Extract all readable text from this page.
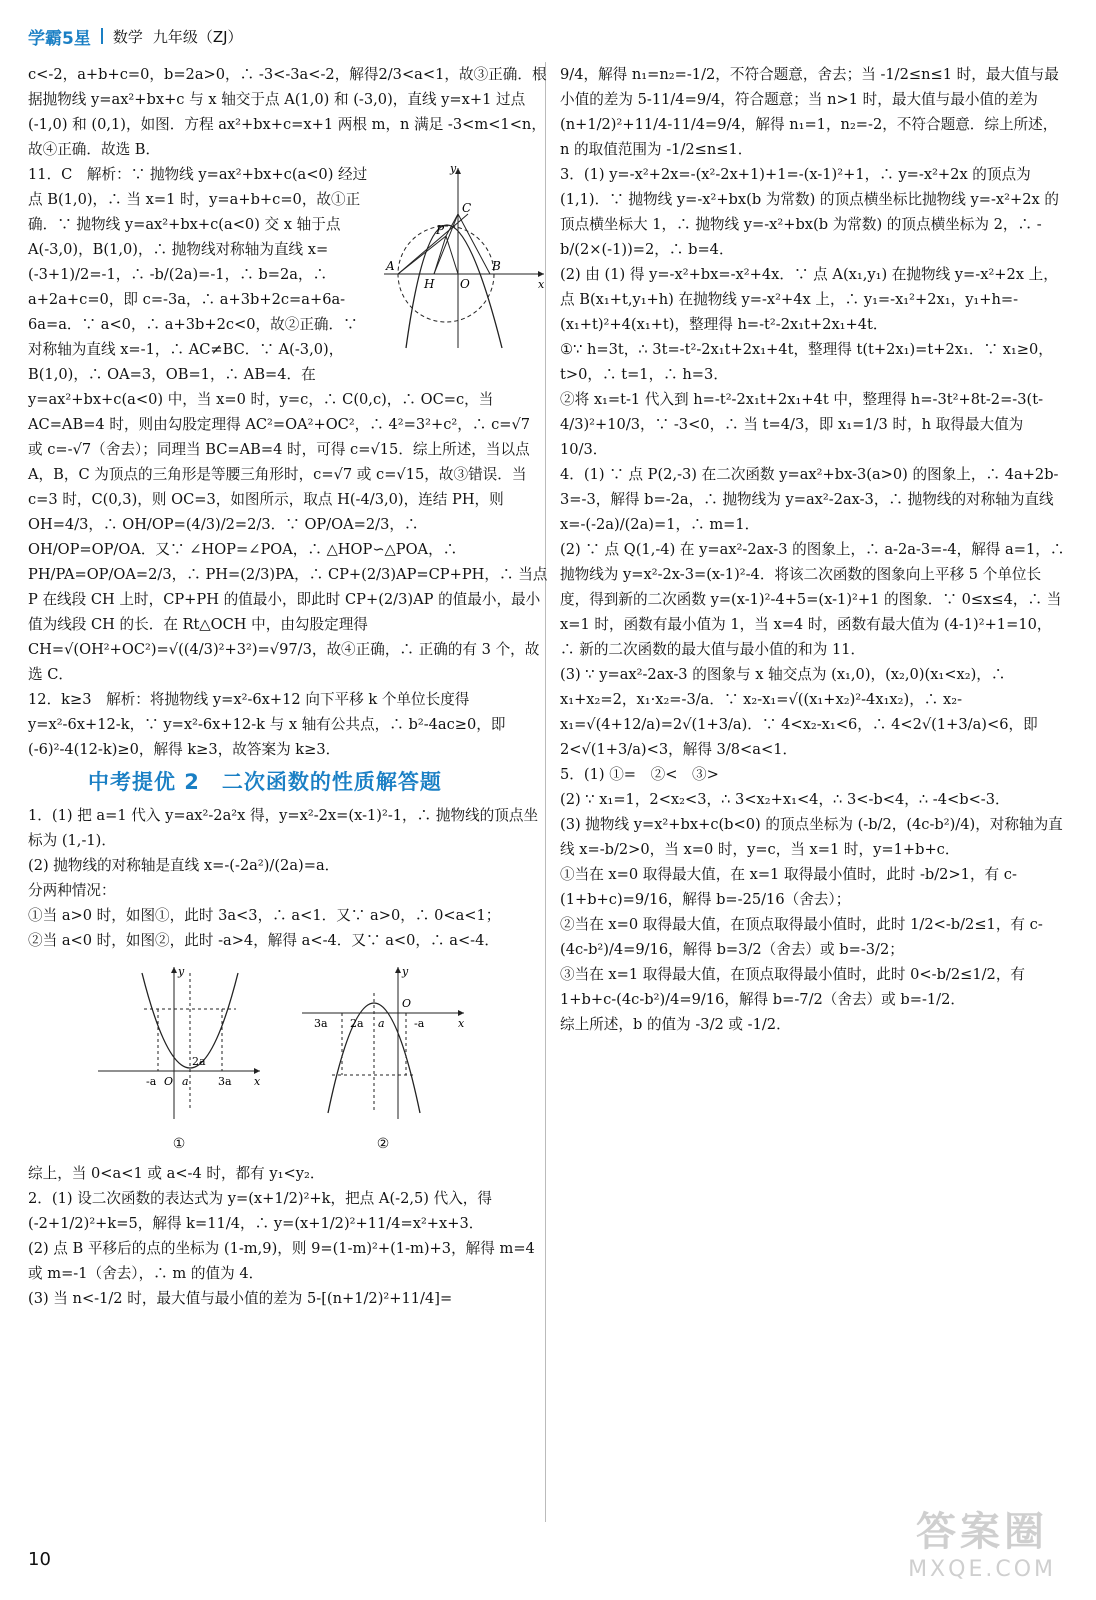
学霸5星 数学 九年级（ZJ）

c<-2，a+b+c=0，b=2a>0，∴ -3<-3a<-2，解得2/3<a<1，故③正确．根据抛物线 y=ax²+bx+c 与 x 轴交于点 A(1,0) 和 (-3,0)，直线 y=x+1 过点 (-1,0) 和 (0,1)，如图．方程 ax²+bx+c=x+1 两根 m，n 满足 -3<m<1<n，故④正确．故选 B．

y
x
A	B
C
P
H O

11．C　解析：∵ 抛物线 y=ax²+bx+c(a<0) 经过点 B(1,0)，∴ 当 x=1 时，y=a+b+c=0，故①正确．∵ 抛物线 y=ax²+bx+c(a<0) 交 x 轴于点 A(-3,0)，B(1,0)，∴ 抛物线对称轴为直线 x=(-3+1)/2=-1，∴ -b/(2a)=-1，∴ b=2a，∴ a+2a+c=0，即 c=-3a，∴ a+3b+2c=a+6a-6a=a．∵ a<0，∴ a+3b+2c<0，故②正确．∵ 对称轴为直线 x=-1，∴ AC≠BC．∵ A(-3,0)，B(1,0)，∴ OA=3，OB=1，∴ AB=4．在 y=ax²+bx+c(a<0) 中，当 x=0 时，y=c，∴ C(0,c)，∴ OC=c，当 AC=AB=4 时，则由勾股定理得 AC²=OA²+OC²，∴ 4²=3²+c²，∴ c=√7 或 c=-√7（舍去）；同理当 BC=AB=4 时，可得 c=√15．综上所述，当以点 A，B，C 为顶点的三角形是等腰三角形时，c=√7 或 c=√15，故③错误．当 c=3 时，C(0,3)，则 OC=3，如图所示，取点 H(-4/3,0)，连结 PH，则 OH=4/3，∴ OH/OP=(4/3)/2=2/3．∵ OP/OA=2/3，∴ OH/OP=OP/OA．又∵ ∠HOP=∠POA，∴ △HOP∽△POA，∴ PH/PA=OP/OA=2/3，∴ PH=(2/3)PA，∴ CP+(2/3)AP=CP+PH，∴ 当点 P 在线段 CH 上时，CP+PH 的值最小，即此时 CP+(2/3)AP 的值最小，最小值为线段 CH 的长．在 Rt△OCH 中，由勾股定理得 CH=√(OH²+OC²)=√((4/3)²+3²)=√97/3，故④正确，∴ 正确的有 3 个，故选 C．

12．k≥3　解析：将抛物线 y=x²-6x+12 向下平移 k 个单位长度得 y=x²-6x+12-k，∵ y=x²-6x+12-k 与 x 轴有公共点，∴ b²-4ac≥0，即 (-6)²-4(12-k)≥0，解得 k≥3，故答案为 k≥3．

中考提优 2　二次函数的性质解答题

1．(1) 把 a=1 代入 y=ax²-2a²x 得，y=x²-2x=(x-1)²-1，∴ 抛物线的顶点坐标为 (1,-1)．

(2) 抛物线的对称轴是直线 x=-(-2a²)/(2a)=a．

分两种情况：

①当 a>0 时，如图①，此时 3a<3，∴ a<1．又∵ a>0，∴ 0<a<1；

②当 a<0 时，如图②，此时 -a>4，解得 a<-4．又∵ a<0，∴ a<-4．

y
x
-a O a
2a
3a
①
y
x
3a 2a a
O
-a
②

综上，当 0<a<1 或 a<-4 时，都有 y₁<y₂．

2．(1) 设二次函数的表达式为 y=(x+1/2)²+k，把点 A(-2,5) 代入，得 (-2+1/2)²+k=5，解得 k=11/4，∴ y=(x+1/2)²+11/4=x²+x+3．

(2) 点 B 平移后的点的坐标为 (1-m,9)，则 9=(1-m)²+(1-m)+3，解得 m=4 或 m=-1（舍去），∴ m 的值为 4．

(3) 当 n<-1/2 时，最大值与最小值的差为 5-[(n+1/2)²+11/4]=

9/4，解得 n₁=n₂=-1/2，不符合题意，舍去；当 -1/2≤n≤1 时，最大值与最小值的差为 5-11/4=9/4，符合题意；当 n>1 时，最大值与最小值的差为 (n+1/2)²+11/4-11/4=9/4，解得 n₁=1，n₂=-2，不符合题意．综上所述，n 的取值范围为 -1/2≤n≤1．

3．(1) y=-x²+2x=-(x²-2x+1)+1=-(x-1)²+1，∴ y=-x²+2x 的顶点为 (1,1)．∵ 抛物线 y=-x²+bx(b 为常数) 的顶点横坐标比抛物线 y=-x²+2x 的顶点横坐标大 1，∴ 抛物线 y=-x²+bx(b 为常数) 的顶点横坐标为 2，∴ -b/(2×(-1))=2，∴ b=4．

(2) 由 (1) 得 y=-x²+bx=-x²+4x．∵ 点 A(x₁,y₁) 在抛物线 y=-x²+2x 上，点 B(x₁+t,y₁+h) 在抛物线 y=-x²+4x 上，∴ y₁=-x₁²+2x₁，y₁+h=-(x₁+t)²+4(x₁+t)，整理得 h=-t²-2x₁t+2x₁+4t．

①∵ h=3t，∴ 3t=-t²-2x₁t+2x₁+4t，整理得 t(t+2x₁)=t+2x₁．∵ x₁≥0，t>0，∴ t=1，∴ h=3．

②将 x₁=t-1 代入到 h=-t²-2x₁t+2x₁+4t 中，整理得 h=-3t²+8t-2=-3(t-4/3)²+10/3，∵ -3<0，∴ 当 t=4/3，即 x₁=1/3 时，h 取得最大值为 10/3．

4．(1) ∵ 点 P(2,-3) 在二次函数 y=ax²+bx-3(a>0) 的图象上，∴ 4a+2b-3=-3，解得 b=-2a，∴ 抛物线为 y=ax²-2ax-3，∴ 抛物线的对称轴为直线 x=-(-2a)/(2a)=1，∴ m=1．

(2) ∵ 点 Q(1,-4) 在 y=ax²-2ax-3 的图象上，∴ a-2a-3=-4，解得 a=1，∴ 抛物线为 y=x²-2x-3=(x-1)²-4．将该二次函数的图象向上平移 5 个单位长度，得到新的二次函数 y=(x-1)²-4+5=(x-1)²+1 的图象．∵ 0≤x≤4，∴ 当 x=1 时，函数有最小值为 1，当 x=4 时，函数有最大值为 (4-1)²+1=10，∴ 新的二次函数的最大值与最小值的和为 11．

(3) ∵ y=ax²-2ax-3 的图象与 x 轴交点为 (x₁,0)，(x₂,0)(x₁<x₂)，∴ x₁+x₂=2，x₁·x₂=-3/a．∵ x₂-x₁=√((x₁+x₂)²-4x₁x₂)，∴ x₂-x₁=√(4+12/a)=2√(1+3/a)．∵ 4<x₂-x₁<6，∴ 4<2√(1+3/a)<6，即 2<√(1+3/a)<3，解得 3/8<a<1．

5．(1) ①=　②<　③>

(2) ∵ x₁=1，2<x₂<3，∴ 3<x₂+x₁<4，∴ 3<-b<4，∴ -4<b<-3．

(3) 抛物线 y=x²+bx+c(b<0) 的顶点坐标为 (-b/2，(4c-b²)/4)，对称轴为直线 x=-b/2>0，当 x=0 时，y=c，当 x=1 时，y=1+b+c．

①当在 x=0 取得最大值，在 x=1 取得最小值时，此时 -b/2>1，有 c-(1+b+c)=9/16，解得 b=-25/16（舍去）；

②当在 x=0 取得最大值，在顶点取得最小值时，此时 1/2<-b/2≤1，有 c-(4c-b²)/4=9/16，解得 b=3/2（舍去）或 b=-3/2；

③当在 x=1 取得最大值，在顶点取得最小值时，此时 0<-b/2≤1/2，有 1+b+c-(4c-b²)/4=9/16，解得 b=-7/2（舍去）或 b=-1/2．

综上所述，b 的值为 -3/2 或 -1/2．

10
答案圈
MXQE.COM
